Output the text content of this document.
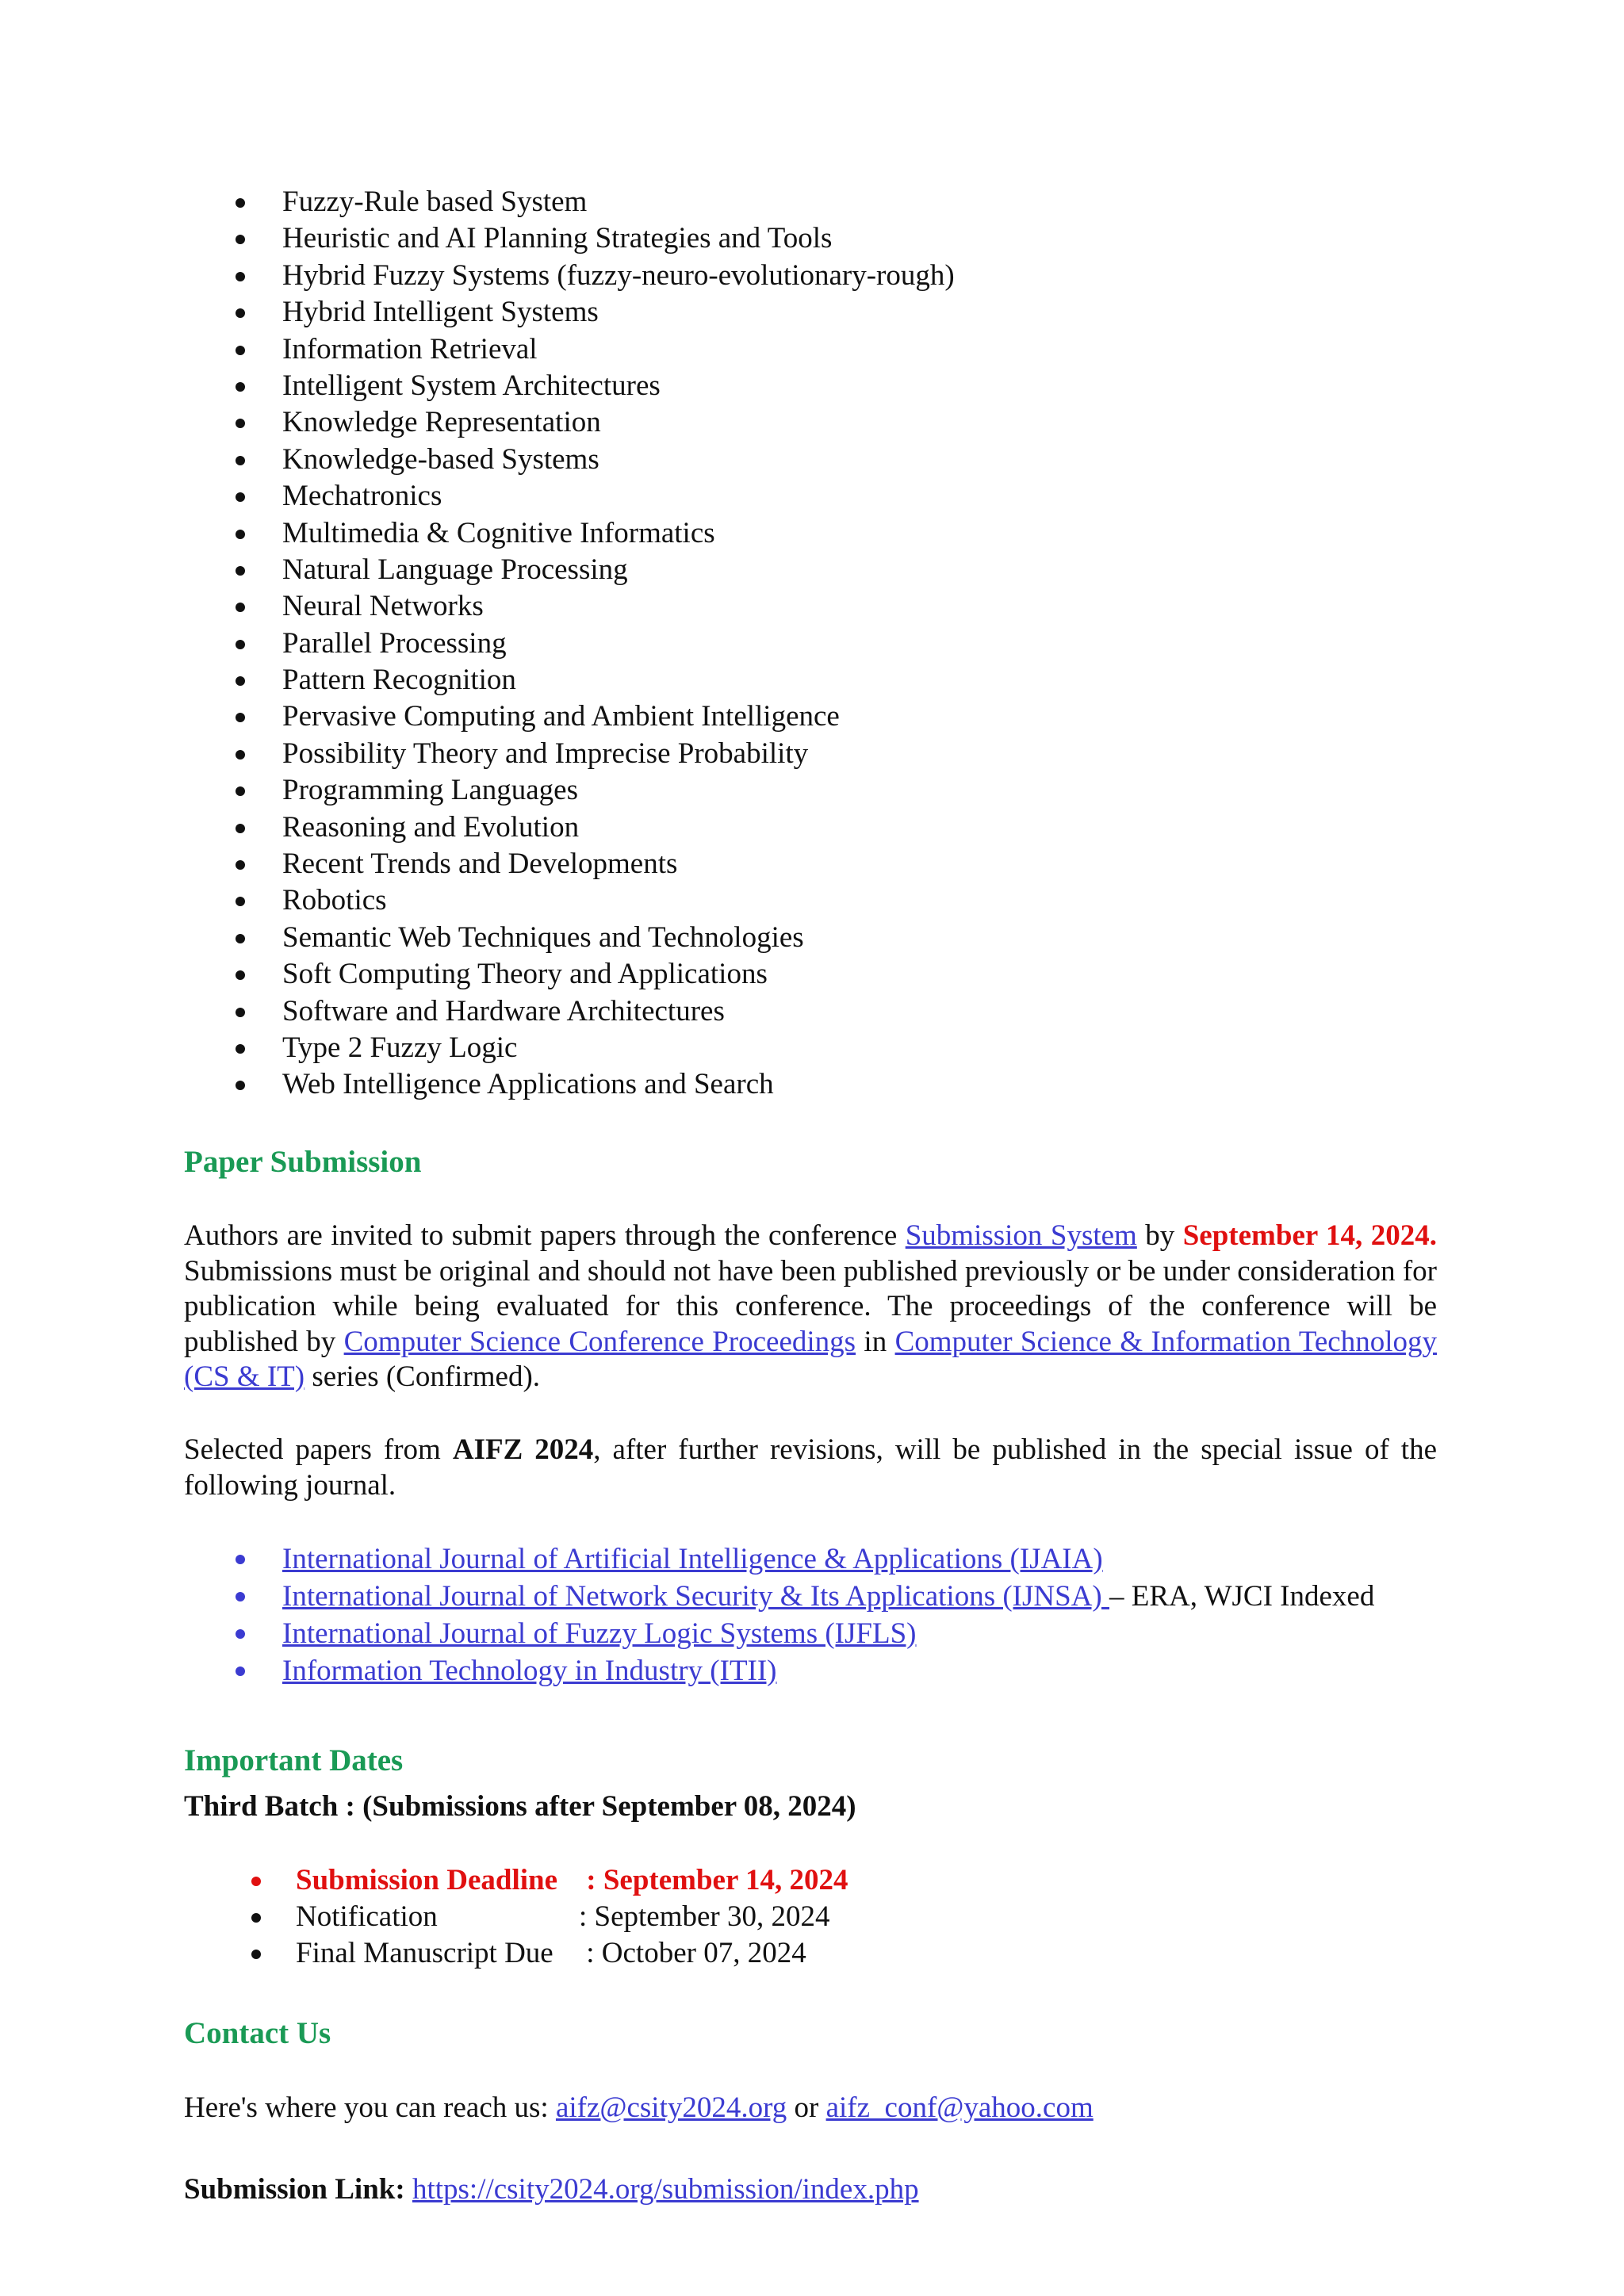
Fuzzy-Rule based System
Heuristic and AI Planning Strategies and Tools
Hybrid Fuzzy Systems (fuzzy-neuro-evolutionary-rough)
Hybrid Intelligent Systems
Information Retrieval
Intelligent System Architectures
Knowledge Representation
Knowledge-based Systems
Mechatronics
Multimedia & Cognitive Informatics
Natural Language Processing
Neural Networks
Parallel Processing
Pattern Recognition
Pervasive Computing and Ambient Intelligence
Possibility Theory and Imprecise Probability
Programming Languages
Reasoning and Evolution
Recent Trends and Developments
Robotics
Semantic Web Techniques and Technologies
Soft Computing Theory and Applications
Software and Hardware Architectures
Type 2 Fuzzy Logic
Web Intelligence Applications and Search
Paper Submission

Authors are invited to submit papers through the conference Submission System by September 14, 2024. Submissions must be original and should not have been published previously or be under consideration for publication while being evaluated for this conference. The proceedings of the conference will be published by Computer Science Conference Proceedings in Computer Science & Information Technology (CS & IT) series (Confirmed).

Selected papers from AIFZ 2024, after further revisions, will be published in the special issue of the following journal.

International Journal of Artificial Intelligence & Applications (IJAIA)
International Journal of Network Security & Its Applications (IJNSA) – ERA, WJCI Indexed
International Journal of Fuzzy Logic Systems (IJFLS)
Information Technology in Industry (ITII)
Important Dates

Third Batch : (Submissions after September 08, 2024)

Submission Deadline : September 14, 2024
Notification	: September 30, 2024
Final Manuscript Due : October 07, 2024
Contact Us

Here's where you can reach us: aifz@csity2024.org or aifz_conf@yahoo.com

Submission Link: https://csity2024.org/submission/index.php
